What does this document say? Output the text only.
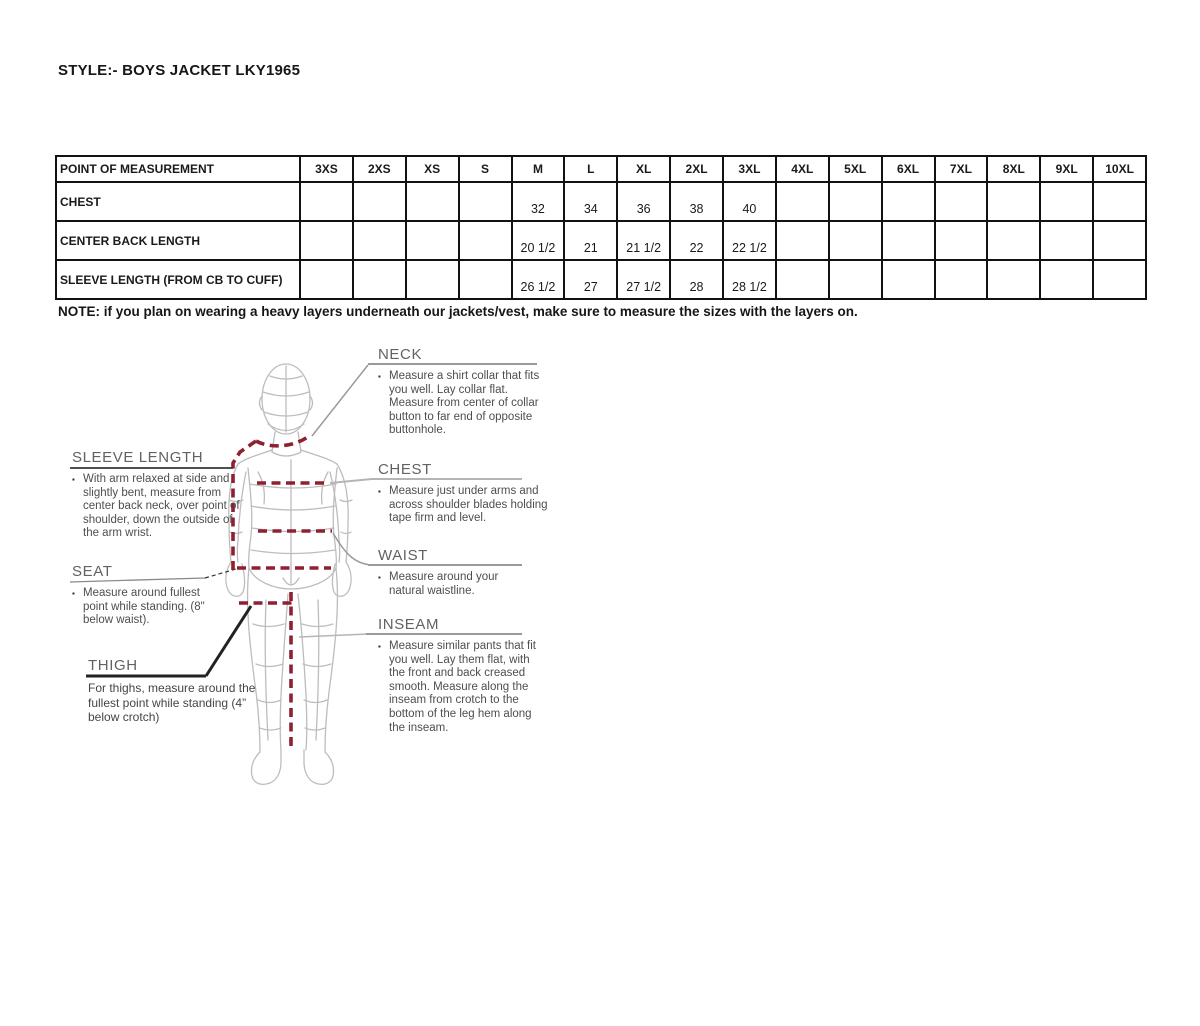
STYLE:- BOYS JACKET LKY1965
POINT OF MEASUREMENT	3XS	2XS	XS	S	M	L	XL	2XL	3XL	4XL	5XL	6XL	7XL	8XL	9XL	10XL
CHEST					32	34	36	38	40							
CENTER BACK LENGTH					20 1/2	21	21 1/2	22	22 1/2							
SLEEVE LENGTH (FROM CB TO CUFF)					26 1/2	27	27 1/2	28	28 1/2							
NOTE: if you plan on wearing a heavy layers underneath our jackets/vest, make sure to measure the sizes with the layers on.
SLEEVE LENGTH
▪ With arm relaxed at side and slightly bent, measure from center back neck, over point of shoulder, down the outside of the arm wrist.
SEAT
▪ Measure around fullest point while standing. (8" below waist).
THIGH
For thighs, measure around the fullest point while standing (4” below crotch)
NECK
▪ Measure a shirt collar that fits you well. Lay collar flat. Measure from center of collar button to far end of opposite buttonhole.
CHEST
▪ Measure just under arms and across shoulder blades holding tape firm and level.
WAIST
▪ Measure around your natural waistline.
INSEAM
▪ Measure similar pants that fit you well. Lay them flat, with the front and back creased smooth. Measure along the inseam from crotch to the bottom of the leg hem along the inseam.
